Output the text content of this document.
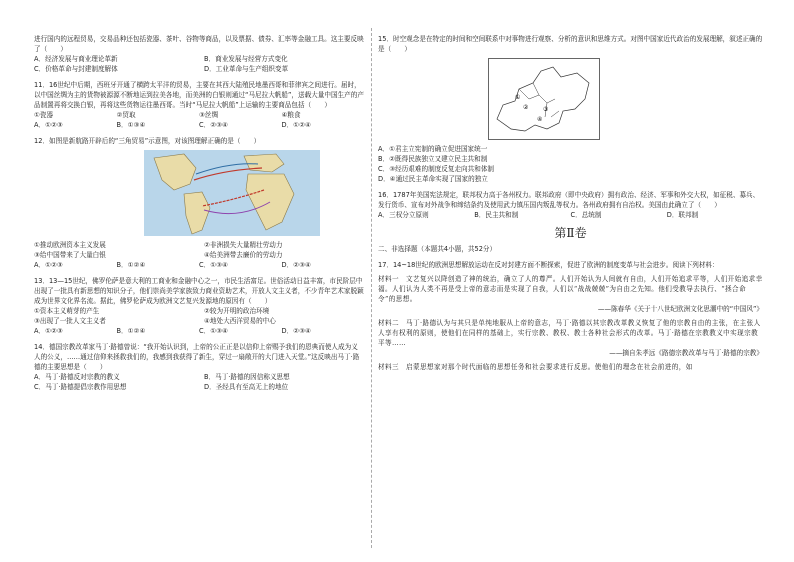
进行国内的远程贸易，交易品种还包括瓷器、茶叶、谷物等商品，以及票据、债券、汇率等金融工具。这主要反映了（　　）

A．经济发展与商业理论革新	B．商业发展与经营方式变化
C．价格革命与封建制度解体	D．工业革命与生产组织变革

11．16世纪中后期，西班牙开通了横跨太平洋的贸易，主要在其西大陆殖民地墨西哥和菲律宾之间进行。届时，以中国丝绸为主的货物被源源不断地运到拉美各地，而美洲的白银则通过“马尼拉大帆船”，送载大量中国生产的产品制置再将交换白银，再将这些货物运往墨西哥。当时“马尼拉大帆船”上运输的主要商品包括（　　）

①瓷器	②贸取	③丝绸	④粮食
A．①②③	B．①③④	C．②③④	D．①②④

12．如图是新航路开辟后的“三角贸易”示意图，对该图理解正确的是（　　）

①推动欧洲资本主义发展	②非洲损失大量精壮劳动力
③给中国带来了大量白银	④给美洲带去廉价的劳动力
A．①②③	B．①②④	C．①③④	D．②③④

13．13—15世纪，佛罗伦萨是意大利的工商业和金融中心之一，市民生活富足。世俗活动日益丰富，市民阶层中出现了一批具有新思想的知识分子，他们崇尚美学家族致力商业资助艺术，开放人文主义者，不少青年艺术家脱颖成为世界文化界名流。据此，佛罗伦萨成为欧洲文艺复兴发源地的原因有（　　）

①资本主义萌芽的产生	②较为开明的政治环境
③出现了一批人文主义者	④地处大西洋贸易的中心
A．①②③	B．①②④	C．①③④	D．②③④

14．德国宗教改革家马丁·路德曾说：“我开始认识到，上帝的公正正是以信仰上帝赐予我们的恩典而使人成为义人的公义，……通过信仰来拯救我们的，我感到我获得了新生，穿过一扇敞开的大门进入天堂。”这反映出马丁·路德的主要思想是（　　）

A．马丁·路德反对宗教的教义	B．马丁·路德的因信称义思想
C．马丁·路德提倡宗教作用思想	D．圣经具有至高无上的地位

15．时空观念是在特定的时间和空间联系中对事物进行观察、分析的意识和思维方式。对图中国家近代政治的发展理解，叙述正确的是（　　）

①
② ③
④
A．①君主立宪制的确立促进国家统一
B．②既得民族独立又建立民主共和制
C．③经历艰难的制度反复走向共和体制
D．④通过民主革命实现了国家的独立

16．1787年美国宪法规定，联邦权力高于各州权力。联邦政府（即中央政府）拥有政治、经济、军事和外交大权，如征税、募兵、发行货币、宣布对外战争和缔结条约及使用武力镇压国内叛乱等权力。各州政府拥有自治权。美国由此确立了（　　）

A．三权分立原则	B．民主共和制	C．总统制	D．联邦制
第Ⅱ卷

二、非选择题（本题共4小题，共52分）

17．14~18世纪的欧洲思想解放运动在反对封建方面不断探索，促进了欧洲的制度变革与社会进步。阅读下列材料：

材料一　文艺复兴以降创造了神的统治，确立了人的尊严。人们开始认为人间就有自由，人们开始追求平等，人们开始追求幸福。人们认为人类不再是受上帝的意志而是实现了自我，人们以“战战兢兢”为自由之先知。他们受教导去执行、“拯合命令”的思想。

——陈春华《关于十八世纪欧洲文化思潮中的“中国风”》

材料二　马丁·路德认为与其只是单纯地服从上帝的意志，马丁·路德以其宗教改革教义恢复了他的宗教自由的主张，在主张人人享有权利的原则，使他们在同样的基础上，实行宗教、教权、教士各种社会形式的改革。马丁·路德在宗教教义中实现宗教平等……

——摘自朱孝远《路德宗教改革与马丁·路德的宗教》

材料三　启蒙思想家对那个时代面临的思想任务和社会要求进行反思。使他们的理念在社会前进的，如
